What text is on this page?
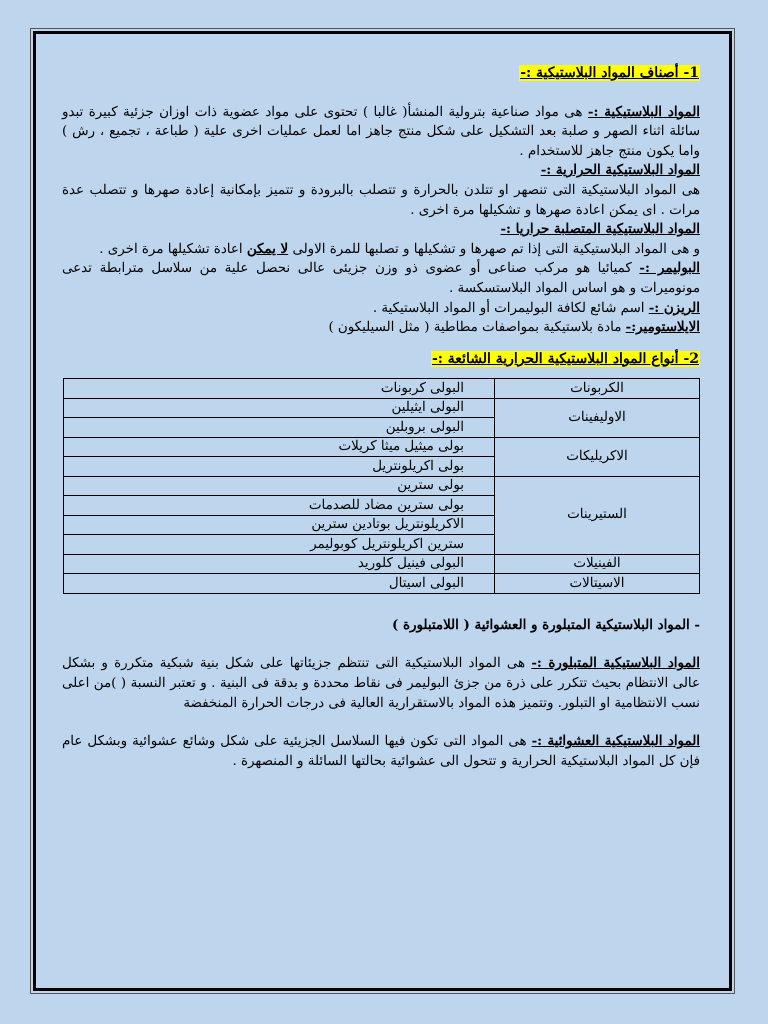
1- أصناف المواد البلاستيكية :-

المواد البلاستيكية :- هى مواد صناعية بترولية المنشأ( غالبا ) تحتوى على مواد عضوية ذات اوزان جزئية كبيرة تبدو سائلة اثناء الصهر و صلبة بعد التشكيل على شكل منتج جاهز اما لعمل عمليات اخرى علية ( طباعة ، تجميع ، رش ) واما يكون منتج جاهز للاستخدام .

المواد البلاستيكية الحرارية :-
هى المواد البلاستيكية التى تنصهر او تتلدن بالحرارة و تتصلب بالبرودة و تتميز بإمكانية إعادة صهرها و تتصلب عدة مرات . اى يمكن اعادة صهرها و تشكيلها مرة اخرى .

المواد البلاستيكية المتصلبة حراريا :-
و هى المواد البلاستيكية التى إذا تم صهرها و تشكيلها و تصلبها للمرة الاولى لا يمكن اعادة تشكيلها مرة اخرى .

البوليمر :- كميائيا هو مركب صناعى أو عضوى ذو وزن جزيئى عالى نحصل علية من سلاسل مترابطة تدعى مونوميرات و هو اساس المواد البلاستسكسة .

الريزن :- اسم شائع لكافة البوليمرات أو المواد البلاستيكية .

الايلاستومير:- مادة بلاستيكية بمواصفات مطاطية ( مثل السيليكون )

2- أنواع المواد البلاستيكية الحرارية الشائعة :-

الكربونات	البولى كربونات
الاوليفينات	البولى ايثيلين
	البولى بروبلين
الاكريليكات	بولى ميثيل ميثا كريلات
	بولى اكريلونتريل
الستيرينات	بولى سترين
	بولى سترين مضاد للصدمات
	الاكريلونتريل بوتادين سترين
	سترين اكريلونتريل كوبوليمر
الفينيلات	البولى فينيل كلوريد
الاسيتالات	البولى اسيتال

- المواد البلاستيكية المتبلورة و العشوائية ( اللامتبلورة )

المواد البلاستيكية المتبلورة :- هى المواد البلاستيكية التى تنتظم جزيئاتها على شكل بنية شبكية متكررة و بشكل عالى الانتظام بحيث تتكرر على ذرة من جزئ البوليمر فى نقاط محددة و بدقة فى البنية . و تعتبر النسبة ( )من اعلى نسب الانتظامية او التبلور. وتتميز هذه المواد بالاستقرارية العالية فى درجات الحرارة المنخفضة

المواد البلاستيكية العشوائية :- هى المواد التى تكون فيها السلاسل الجزيئية على شكل وشائع عشوائية وبشكل عام فإن كل المواد البلاستيكية الحرارية و تتحول الى عشوائية بحالتها السائلة و المنصهرة .
